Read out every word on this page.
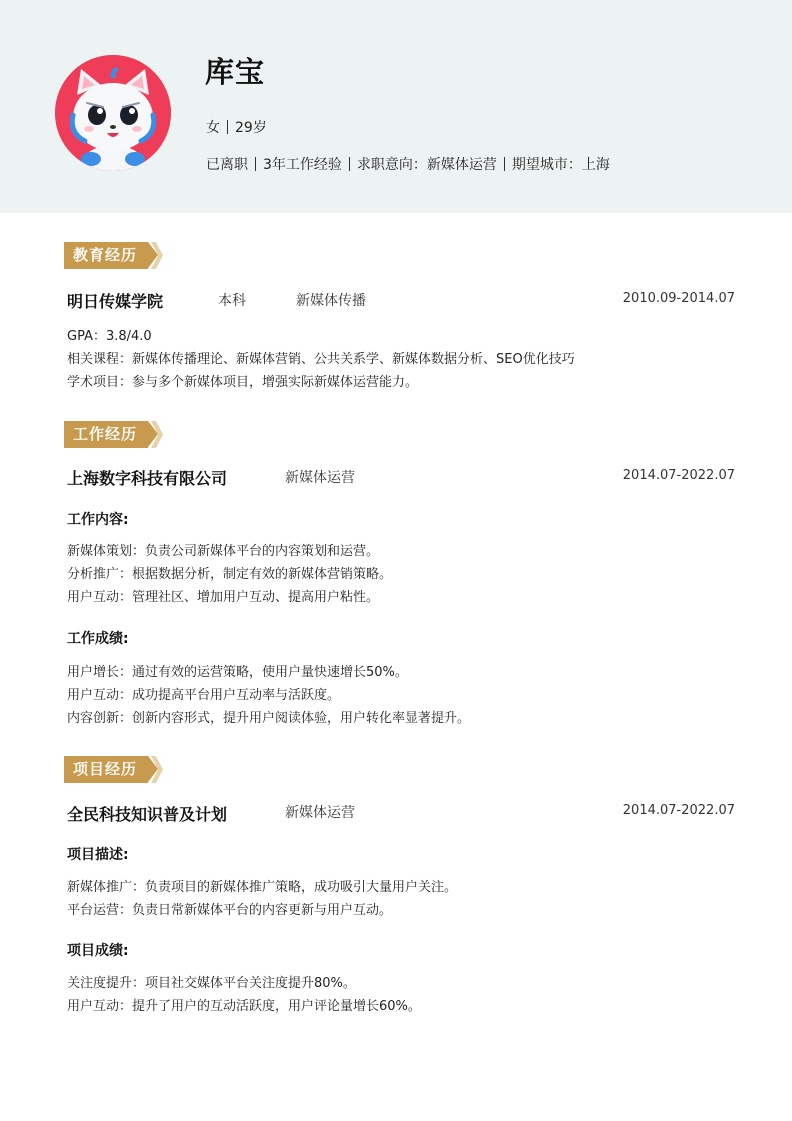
库宝
女 29岁
已离职 3年工作经验 求职意向：新媒体运营 期望城市：上海
教育经历
明日传媒学院	本科	新媒体传播	2010.09-2014.07
GPA：3.8/4.0
相关课程：新媒体传播理论、新媒体营销、公共关系学、新媒体数据分析、SEO优化技巧
学术项目：参与多个新媒体项目，增强实际新媒体运营能力。
工作经历
上海数字科技有限公司	新媒体运营	2014.07-2022.07
工作内容:
新媒体策划：负责公司新媒体平台的内容策划和运营。
分析推广：根据数据分析，制定有效的新媒体营销策略。
用户互动：管理社区、增加用户互动、提高用户粘性。
工作成绩:
用户增长：通过有效的运营策略，使用户量快速增长50%。
用户互动：成功提高平台用户互动率与活跃度。
内容创新：创新内容形式，提升用户阅读体验，用户转化率显著提升。
项目经历
全民科技知识普及计划	新媒体运营	2014.07-2022.07
项目描述:
新媒体推广：负责项目的新媒体推广策略，成功吸引大量用户关注。
平台运营：负责日常新媒体平台的内容更新与用户互动。
项目成绩:
关注度提升：项目社交媒体平台关注度提升80%。
用户互动：提升了用户的互动活跃度，用户评论量增长60%。
